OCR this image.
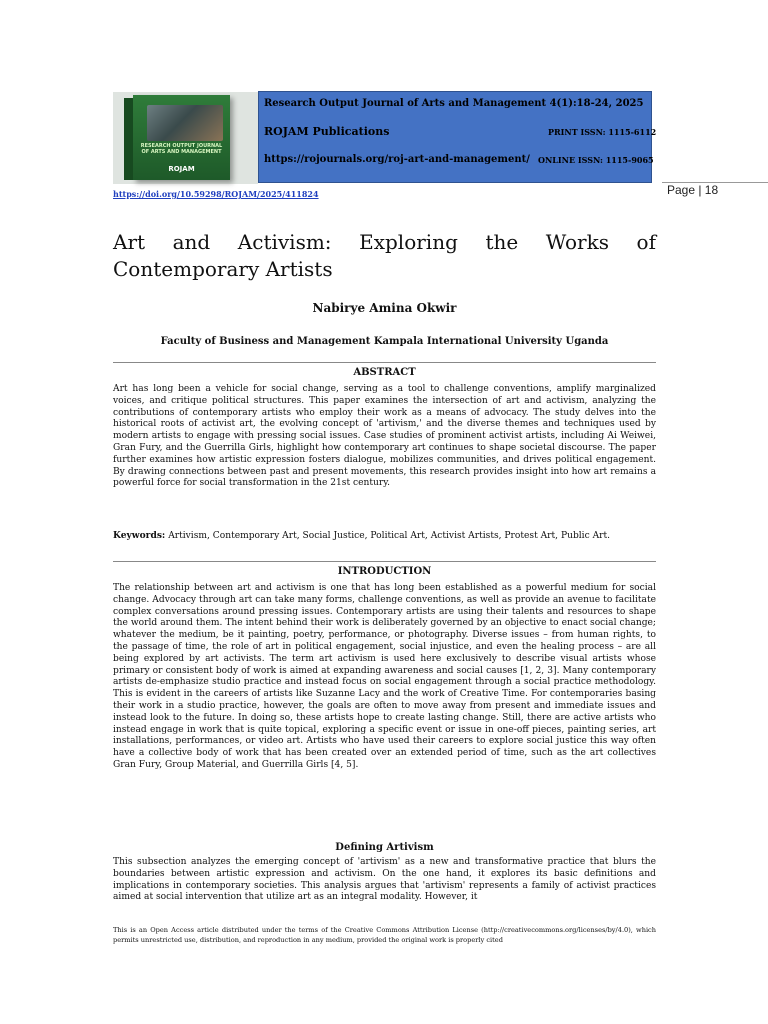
RESEARCH OUTPUT JOURNAL OF ARTS AND MANAGEMENT
ROJAM
Research Output Journal of Arts and Management 4(1):18-24, 2025
ROJAM Publications	PRINT ISSN: 1115-6112
https://rojournals.org/roj-art-and-management/ ONLINE ISSN: 1115-9065
https://doi.org/10.59298/ROJAM/2025/411824	Page | 18
Art and Activism: Exploring the Works of
Contemporary Artists
Nabirye Amina Okwir
Faculty of Business and Management Kampala International University Uganda
ABSTRACT

Art has long been a vehicle for social change, serving as a tool to challenge conventions, amplify marginalized voices, and critique political structures. This paper examines the intersection of art and activism, analyzing the contributions of contemporary artists who employ their work as a means of advocacy. The study delves into the historical roots of activist art, the evolving concept of 'artivism,' and the diverse themes and techniques used by modern artists to engage with pressing social issues. Case studies of prominent activist artists, including Ai Weiwei, Gran Fury, and the Guerrilla Girls, highlight how contemporary art continues to shape societal discourse. The paper further examines how artistic expression fosters dialogue, mobilizes communities, and drives political engagement. By drawing connections between past and present movements, this research provides insight into how art remains a powerful force for social transformation in the 21st century.

Keywords: Artivism, Contemporary Art, Social Justice, Political Art, Activist Artists, Protest Art, Public Art.

INTRODUCTION

The relationship between art and activism is one that has long been established as a powerful medium for social change. Advocacy through art can take many forms, challenge conventions, as well as provide an avenue to facilitate complex conversations around pressing issues. Contemporary artists are using their talents and resources to shape the world around them. The intent behind their work is deliberately governed by an objective to enact social change; whatever the medium, be it painting, poetry, performance, or photography. Diverse issues – from human rights, to the passage of time, the role of art in political engagement, social injustice, and even the healing process – are all being explored by art activists. The term art activism is used here exclusively to describe visual artists whose primary or consistent body of work is aimed at expanding awareness and social causes [1, 2, 3]. Many contemporary artists de-emphasize studio practice and instead focus on social engagement through a social practice methodology. This is evident in the careers of artists like Suzanne Lacy and the work of Creative Time. For contemporaries basing their work in a studio practice, however, the goals are often to move away from present and immediate issues and instead look to the future. In doing so, these artists hope to create lasting change. Still, there are active artists who instead engage in work that is quite topical, exploring a specific event or issue in one-off pieces, painting series, art installations, performances, or video art. Artists who have used their careers to explore social justice this way often have a collective body of work that has been created over an extended period of time, such as the art collectives Gran Fury, Group Material, and Guerrilla Girls [4, 5].

Defining Artivism

This subsection analyzes the emerging concept of 'artivism' as a new and transformative practice that blurs the boundaries between artistic expression and activism. On the one hand, it explores its basic definitions and implications in contemporary societies. This analysis argues that 'artivism' represents a family of activist practices aimed at social intervention that utilize art as an integral modality. However, it

This is an Open Access article distributed under the terms of the Creative Commons Attribution License (http://creativecommons.org/licenses/by/4.0), which permits unrestricted use, distribution, and reproduction in any medium, provided the original work is properly cited
